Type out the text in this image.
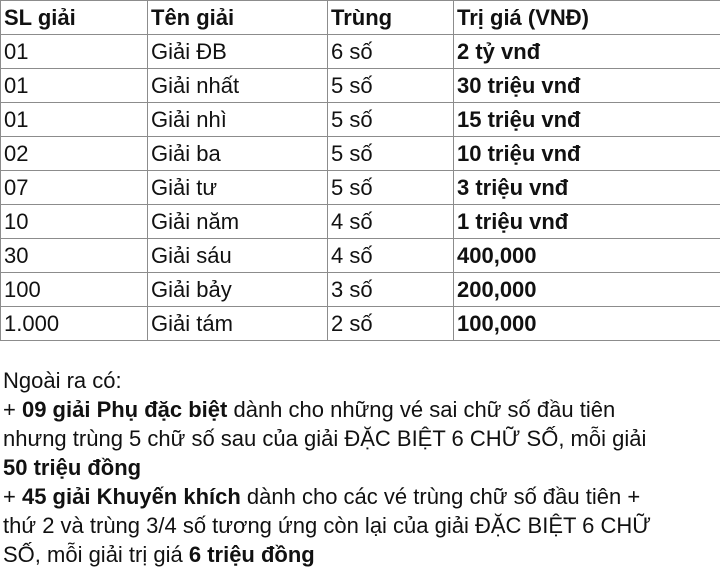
SL giải	Tên giải	Trùng	Trị giá (VNĐ)
01	Giải ĐB	6 số	2 tỷ vnđ
01	Giải nhất	5 số	30 triệu vnđ
01	Giải nhì	5 số	15 triệu vnđ
02	Giải ba	5 số	10 triệu vnđ
07	Giải tư	5 số	3 triệu vnđ
10	Giải năm	4 số	1 triệu vnđ
30	Giải sáu	4 số	400,000
100	Giải bảy	3 số	200,000
1.000	Giải tám	2 số	100,000
Ngoài ra có:
+ 09 giải Phụ đặc biệt dành cho những vé sai chữ số đầu tiên
nhưng trùng 5 chữ số sau của giải ĐẶC BIỆT 6 CHỮ SỐ, mỗi giải
50 triệu đồng
+ 45 giải Khuyến khích dành cho các vé trùng chữ số đầu tiên +
thứ 2 và trùng 3/4 số tương ứng còn lại của giải ĐẶC BIỆT 6 CHỮ
SỐ, mỗi giải trị giá 6 triệu đồng
